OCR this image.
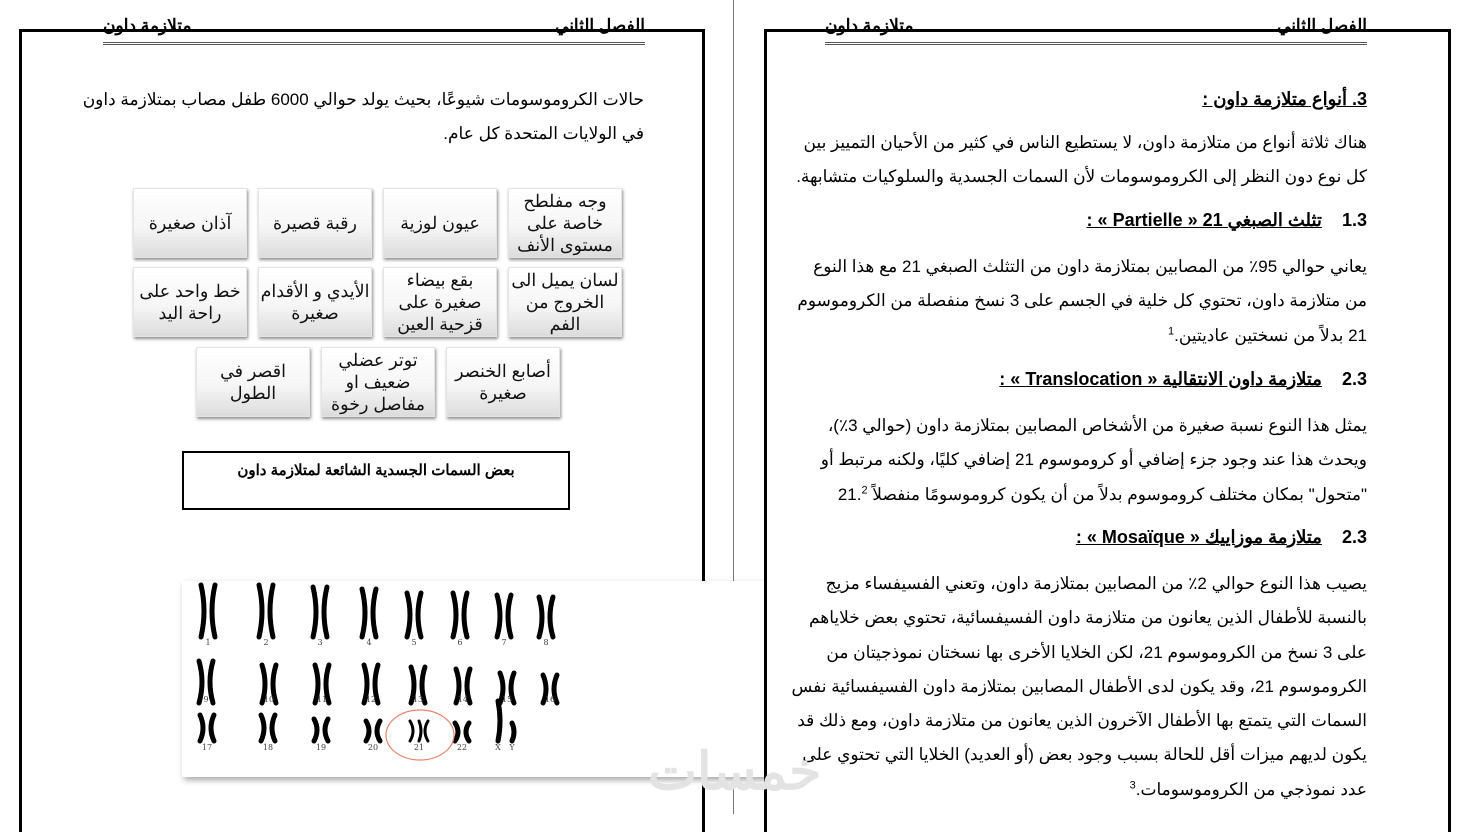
الفصل الثاني
متلازمة داون
حالات الكروموسومات شيوعًا، بحيث يولد حوالي 6000 طفل مصاب بمتلازمة داون
في الولايات المتحدة كل عام.
وجه مفلطح خاصة على مستوى الأنف
عيون لوزية
رقبة قصيرة
آذان صغيرة
لسان يميل الى الخروج من الفم
بقع بيضاء صغيرة على قزحية العين
الأيدي و الأقدام صغيرة
خط واحد على راحة اليد
أصابع الخنصر صغيرة
توتر عضلي ضعيف او مفاصل رخوة
اقصر في الطول
بعض السمات الجسدية الشائعة لمتلازمة داون
1	2	3	4	5	6	7	8
9	10	11	12	13	14	15	16
17	18	19	20	21	22	X Y
الفصل الثاني
متلازمة داون
3. أنواع متلازمة داون :
هناك ثلاثة أنواع من متلازمة داون، لا يستطيع الناس في كثير من الأحيان التمييز بين
كل نوع دون النظر إلى الكروموسومات لأن السمات الجسدية والسلوكيات متشابهة.
1.3    تثلث الصبغي 21 « Partielle » :
يعاني حوالي 95٪ من المصابين بمتلازمة داون من التثلث الصبغي 21 مع هذا النوع
من متلازمة داون، تحتوي كل خلية في الجسم على 3 نسخ منفصلة من الكروموسوم
21 بدلاً من نسختين عاديتين.$^1$
2.3    متلازمة داون الانتقالية « Translocation » :
يمثل هذا النوع نسبة صغيرة من الأشخاص المصابين بمتلازمة داون (حوالي 3٪)،
ويحدث هذا عند وجود جزء إضافي أو كروموسوم 21 إضافي كليًا، ولكنه مرتبط أو
"متحول" بمكان مختلف كروموسوم بدلاً من أن يكون كروموسومًا منفصلاً 21.$^2$
2.3    متلازمة موزاييك « Mosaïque » :
يصيب هذا النوع حوالي 2٪ من المصابين بمتلازمة داون، وتعني الفسيفساء مزيج
بالنسبة للأطفال الذين يعانون من متلازمة داون الفسيفسائية، تحتوي بعض خلاياهم
على 3 نسخ من الكروموسوم 21، لكن الخلايا الأخرى بها نسختان نموذجيتان من
الكروموسوم 21، وقد يكون لدى الأطفال المصابين بمتلازمة داون الفسيفسائية نفس
السمات التي يتمتع بها الأطفال الآخرون الذين يعانون من متلازمة داون، ومع ذلك قد
يكون لديهم ميزات أقل للحالة بسبب وجود بعض (أو العديد) الخلايا التي تحتوي على
عدد نموذجي من الكروموسومات.$^3$
خمسات
